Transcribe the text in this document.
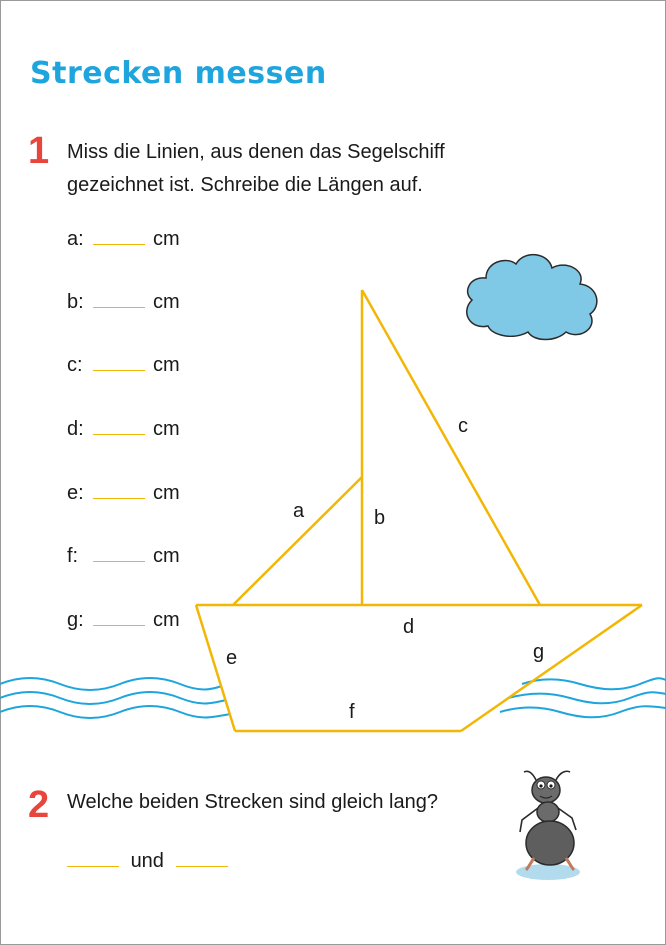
Strecken messen
1 Miss die Linien, aus denen das Segelschiff
gezeichnet ist. Schreibe die Längen auf.
a:	cm
b:	cm
c:	cm
d:	cm
e:	cm
f:	cm
g:	cm
a	b
c
d
e
f
g
2 Welche beiden Strecken sind gleich lang?
und
